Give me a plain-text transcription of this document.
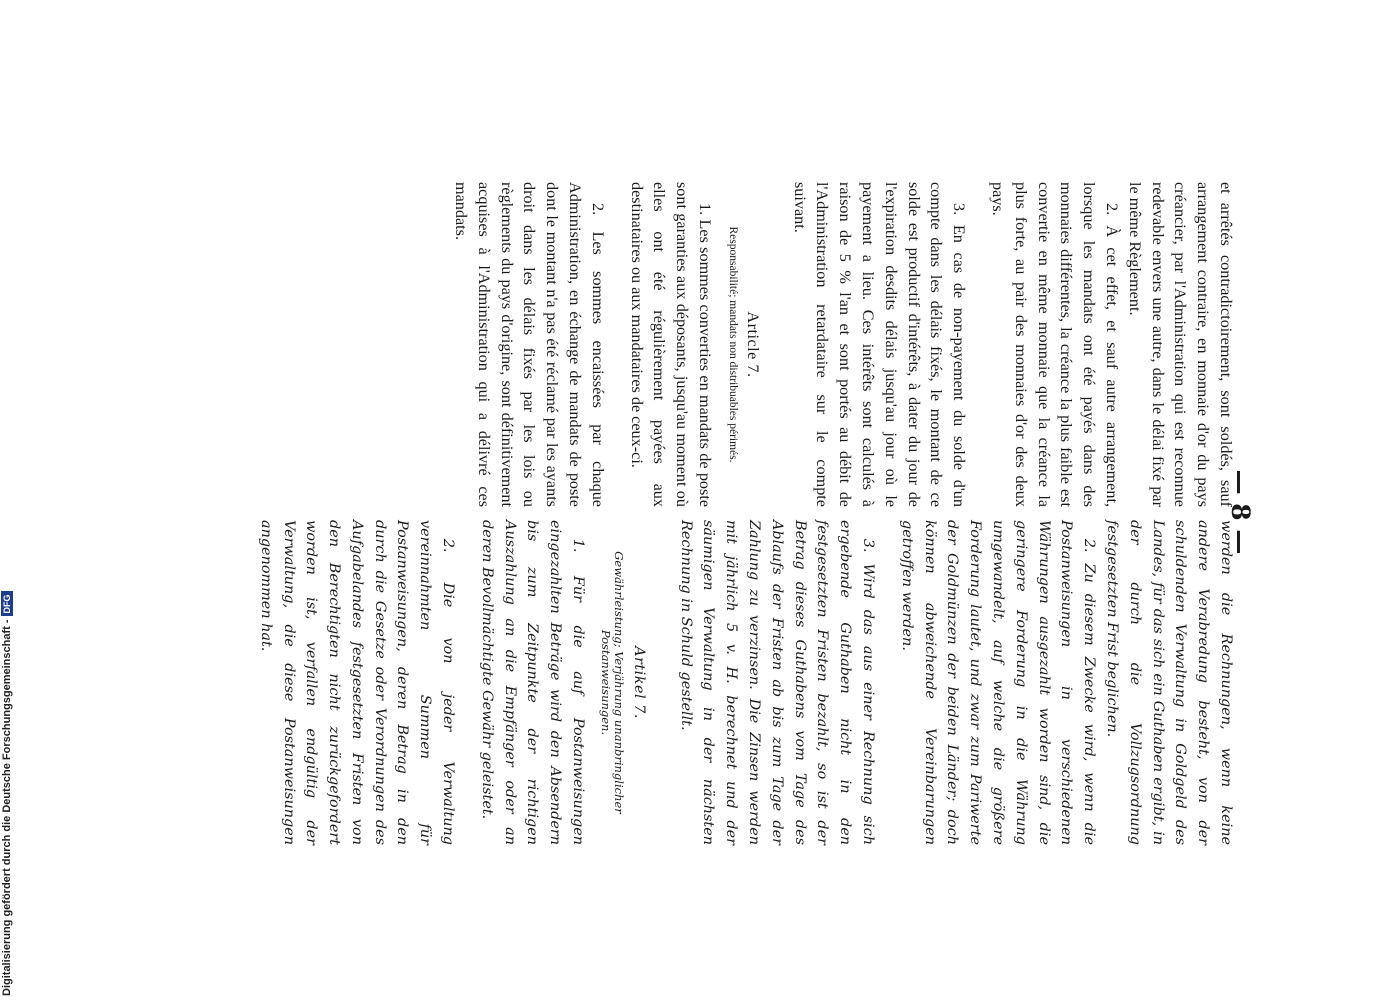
— 8 —

et arrêtés contradictoirement, sont soldés, sauf arrangement contraire, en monnaie d'or du pays créancier, par l'Administration qui est reconnue redevable envers une autre, dans le délai fixé par le même Règlement.

2. À cet effet, et sauf autre arrangement, lorsque les mandats ont été payés dans des monnaies différentes, la créance la plus faible est convertie en même monnaie que la créance la plus forte, au pair des monnaies d'or des deux pays.

3. En cas de non-payement du solde d'un compte dans les délais fixés, le montant de ce solde est productif d'intérêts, à dater du jour de l'expiration desdits délais jusqu'au jour où le payement a lieu. Ces intérêts sont calculés à raison de 5 % l'an et sont portés au débit de l'Administration retardataire sur le compte suivant.

Article 7.
Responsabilité; mandats non distribuables périmés.

1. Les sommes converties en mandats de poste sont garanties aux déposants, jusqu'au moment où elles ont été régulièrement payées aux destinataires ou aux mandataires de ceux-ci.

2. Les sommes encaissées par chaque Administration, en échange de mandats de poste dont le montant n'a pas été réclamé par les ayants droit dans les délais fixés par les lois ou règlements du pays d'origine, sont définitivement acquises à l'Administration qui a délivré ces mandats.

werden die Rechnungen, wenn keine andere Verabredung besteht, von der schuldenden Verwaltung in Goldgeld des Landes, für das sich ein Guthaben ergibt, in der durch die Vollzugsordnung festgesetzten Frist beglichen.

2. Zu diesem Zwecke wird, wenn die Postanweisungen in verschiedenen Währungen ausgezahlt worden sind, die geringere Forderung in die Währung umgewandelt, auf welche die größere Forderung lautet, und zwar zum Pariwerte der Goldmünzen der beiden Länder; doch können abweichende Vereinbarungen getroffen werden.

3. Wird das aus einer Rechnung sich ergebende Guthaben nicht in den festgesetzten Fristen bezahlt, so ist der Betrag dieses Guthabens vom Tage des Ablaufs der Fristen ab bis zum Tage der Zahlung zu verzinsen. Die Zinsen werden mit jährlich 5 v. H. berechnet und der säumigen Verwaltung in der nächsten Rechnung in Schuld gestellt.

Artikel 7.
Gewährleistung; Verjährung unanbringlicher Postanweisungen.

1. Für die auf Postanweisungen eingezahlten Beträge wird den Absendern bis zum Zeitpunkte der richtigen Auszahlung an die Empfänger oder an deren Bevollmächtigte Gewähr geleistet.

2. Die von jeder Verwaltung vereinnahmten Summen für Postanweisungen, deren Betrag in den durch die Gesetze oder Verordnungen des Aufgabelandes festgesetzten Fristen von den Berechtigten nicht zurückgefordert worden ist, verfallen endgültig der Verwaltung, die diese Postanweisungen angenommen hat.

Digitalisierung gefördert durch die Deutsche Forschungsgemeinschaft -DFG
